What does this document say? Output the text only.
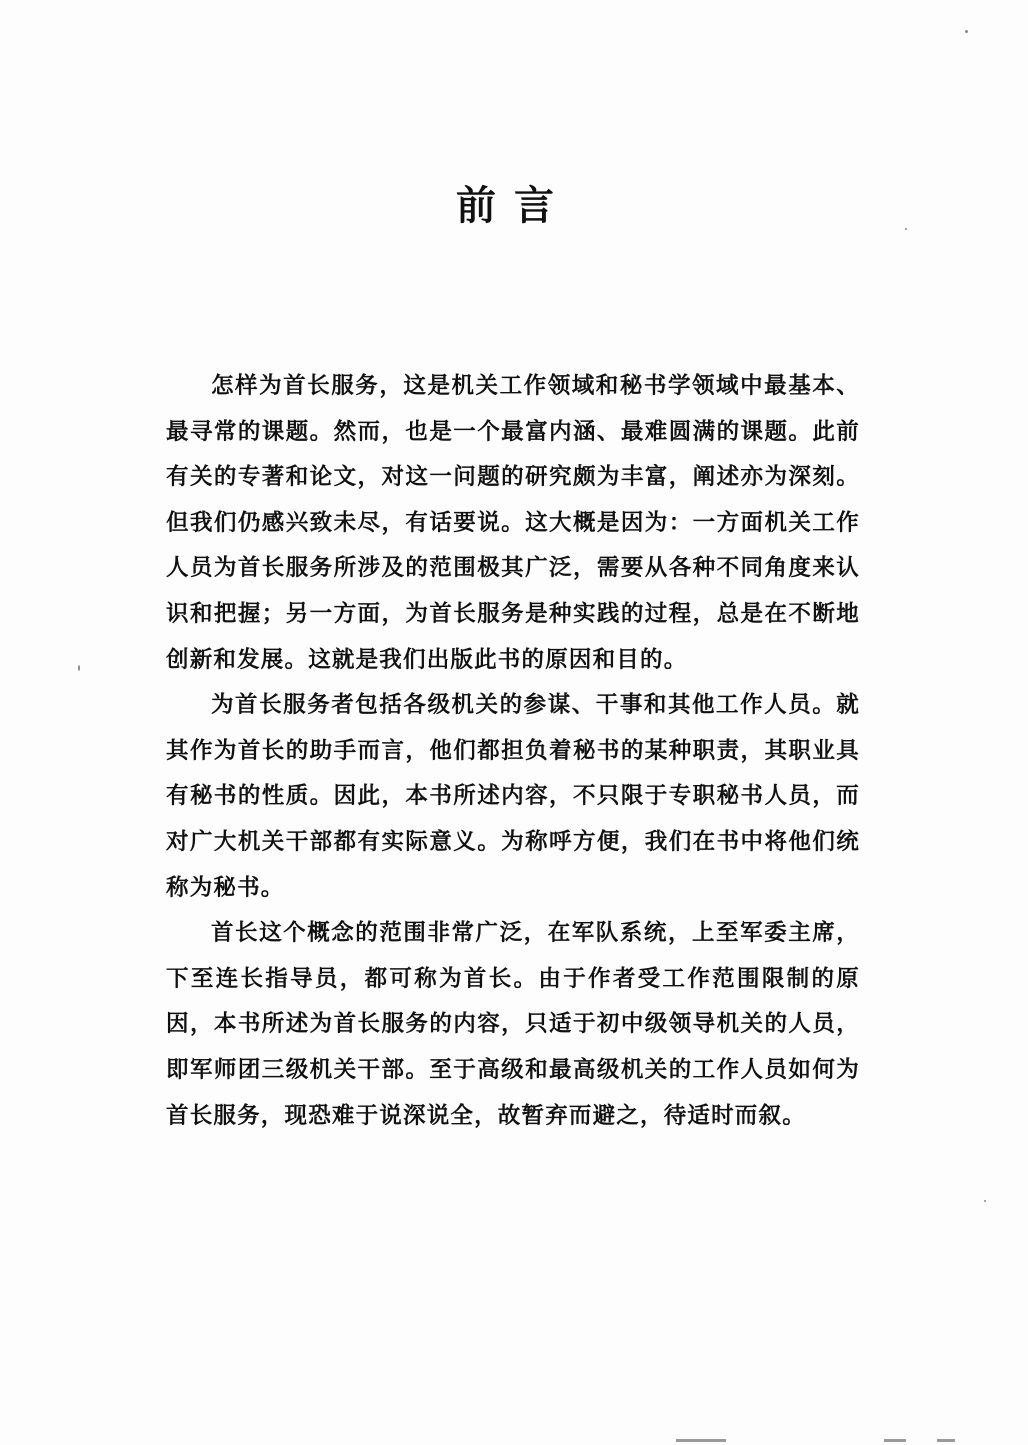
前言

怎样为首长服务，这是机关工作领域和秘书学领域中最基本、最寻常的课题。然而，也是一个最富内涵、最难圆满的课题。此前有关的专著和论文，对这一问题的研究颇为丰富，阐述亦为深刻。但我们仍感兴致未尽，有话要说。这大概是因为：一方面机关工作人员为首长服务所涉及的范围极其广泛，需要从各种不同角度来认识和把握；另一方面，为首长服务是种实践的过程，总是在不断地创新和发展。这就是我们出版此书的原因和目的。

为首长服务者包括各级机关的参谋、干事和其他工作人员。就其作为首长的助手而言，他们都担负着秘书的某种职责，其职业具有秘书的性质。因此，本书所述内容，不只限于专职秘书人员，而对广大机关干部都有实际意义。为称呼方便，我们在书中将他们统称为秘书。

首长这个概念的范围非常广泛，在军队系统，上至军委主席，下至连长指导员，都可称为首长。由于作者受工作范围限制的原因，本书所述为首长服务的内容，只适于初中级领导机关的人员，即军师团三级机关干部。至于高级和最高级机关的工作人员如何为首长服务，现恐难于说深说全，故暂弃而避之，待适时而叙。
